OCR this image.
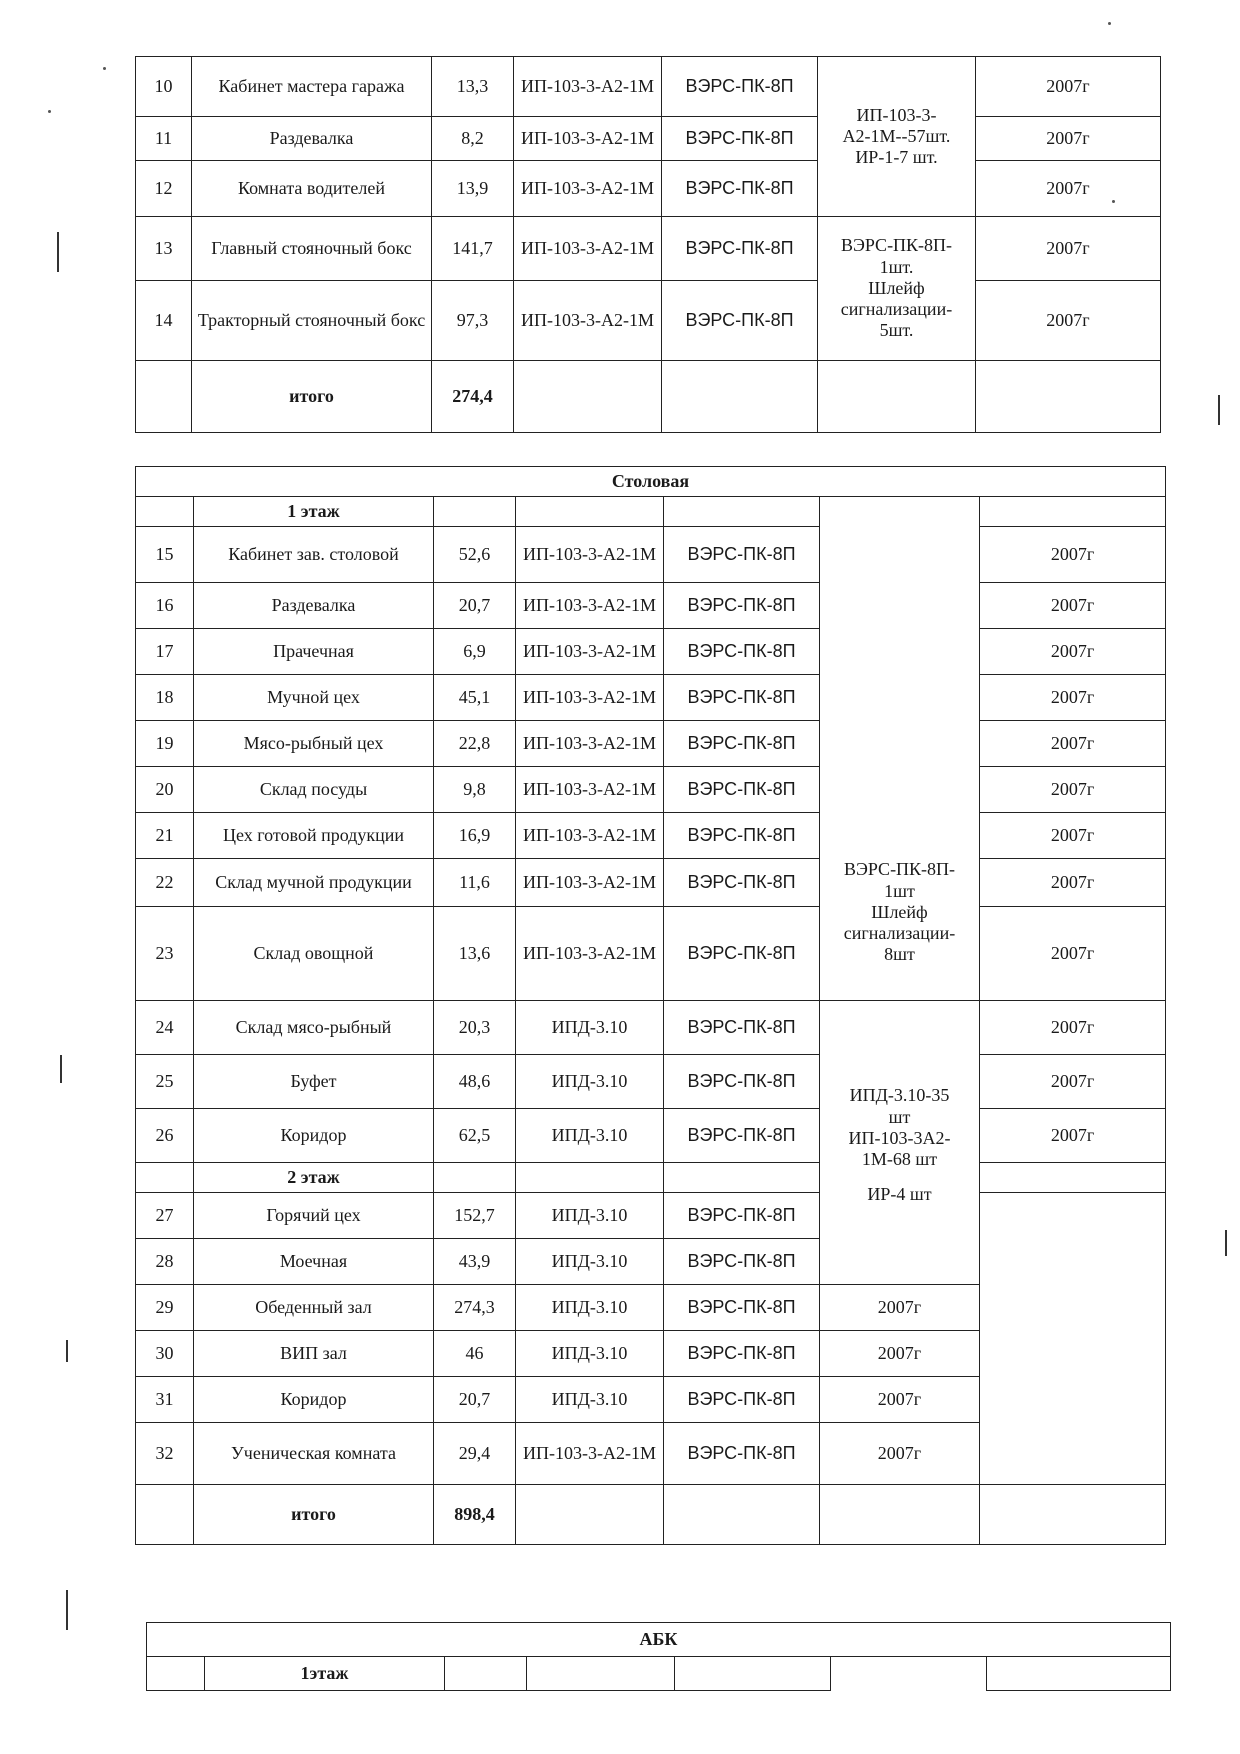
10	Кабинет мастера гаража	13,3	ИП-103-3-А2-1М	ВЭРС-ПК-8П	ИП-103-3-
А2-1М--57шт.
ИР-1-7 шт.	2007г
11	Раздевалка	8,2	ИП-103-3-А2-1М	ВЭРС-ПК-8П		2007г
12	Комната водителей	13,9	ИП-103-3-А2-1М	ВЭРС-ПК-8П		2007г
13	Главный стояночный бокс	141,7	ИП-103-3-А2-1М	ВЭРС-ПК-8П	ВЭРС-ПК-8П-
1шт.
Шлейф
сигнализации-
5шт.	2007г
14	Тракторный стояночный бокс	97,3	ИП-103-3-А2-1М	ВЭРС-ПК-8П		2007г
	итого	274,4				
Столовая							
	1 этаж				ВЭРС-ПК-8П-
1шт
Шлейф
сигнализации-
8шт		

15	Кабинет зав. столовой	52,6	ИП-103-3-А2-1М	ВЭРС-ПК-8П		2007г	
16	Раздевалка	20,7	ИП-103-3-А2-1М	ВЭРС-ПК-8П		2007г	
17	Прачечная	6,9	ИП-103-3-А2-1М	ВЭРС-ПК-8П		2007г	
18	Мучной цех	45,1	ИП-103-3-А2-1М	ВЭРС-ПК-8П		2007г	
19	Мясо-рыбный цех	22,8	ИП-103-3-А2-1М	ВЭРС-ПК-8П		2007г	
20	Склад посуды	9,8	ИП-103-3-А2-1М	ВЭРС-ПК-8П		2007г	
21	Цех готовой продукции	16,9	ИП-103-3-А2-1М	ВЭРС-ПК-8П		2007г	
22	Склад мучной продукции	11,6	ИП-103-3-А2-1М	ВЭРС-ПК-8П		2007г	
23	Склад овощной	13,6	ИП-103-3-А2-1М	ВЭРС-ПК-8П		2007г	
24	Склад мясо-рыбный	20,3	ИПД-3.10	ВЭРС-ПК-8П	ИПД-3.10-35
шт
ИП-103-3А2-
1М-68 шт
ИР-4 шт	2007г	
25	Буфет	48,6	ИПД-3.10	ВЭРС-ПК-8П		2007г	
26	Коридор	62,5	ИПД-3.10	ВЭРС-ПК-8П		2007г	
	2 этаж						
27	Горячий цех	152,7	ИПД-3.10	ВЭРС-ПК-8П		
28	Моечная	43,9	ИПД-3.10	ВЭРС-ПК-8П	
29	Обеденный зал	274,3	ИПД-3.10	ВЭРС-ПК-8П	2007г		
30	ВИП зал	46	ИПД-3.10	ВЭРС-ПК-8П	2007г		
31	Коридор	20,7	ИПД-3.10	ВЭРС-ПК-8П	2007г		
32	Ученическая комната	29,4	ИП-103-3-А2-1М	ВЭРС-ПК-8П	2007г		
	итого	898,4					
АБК
	1этаж					
